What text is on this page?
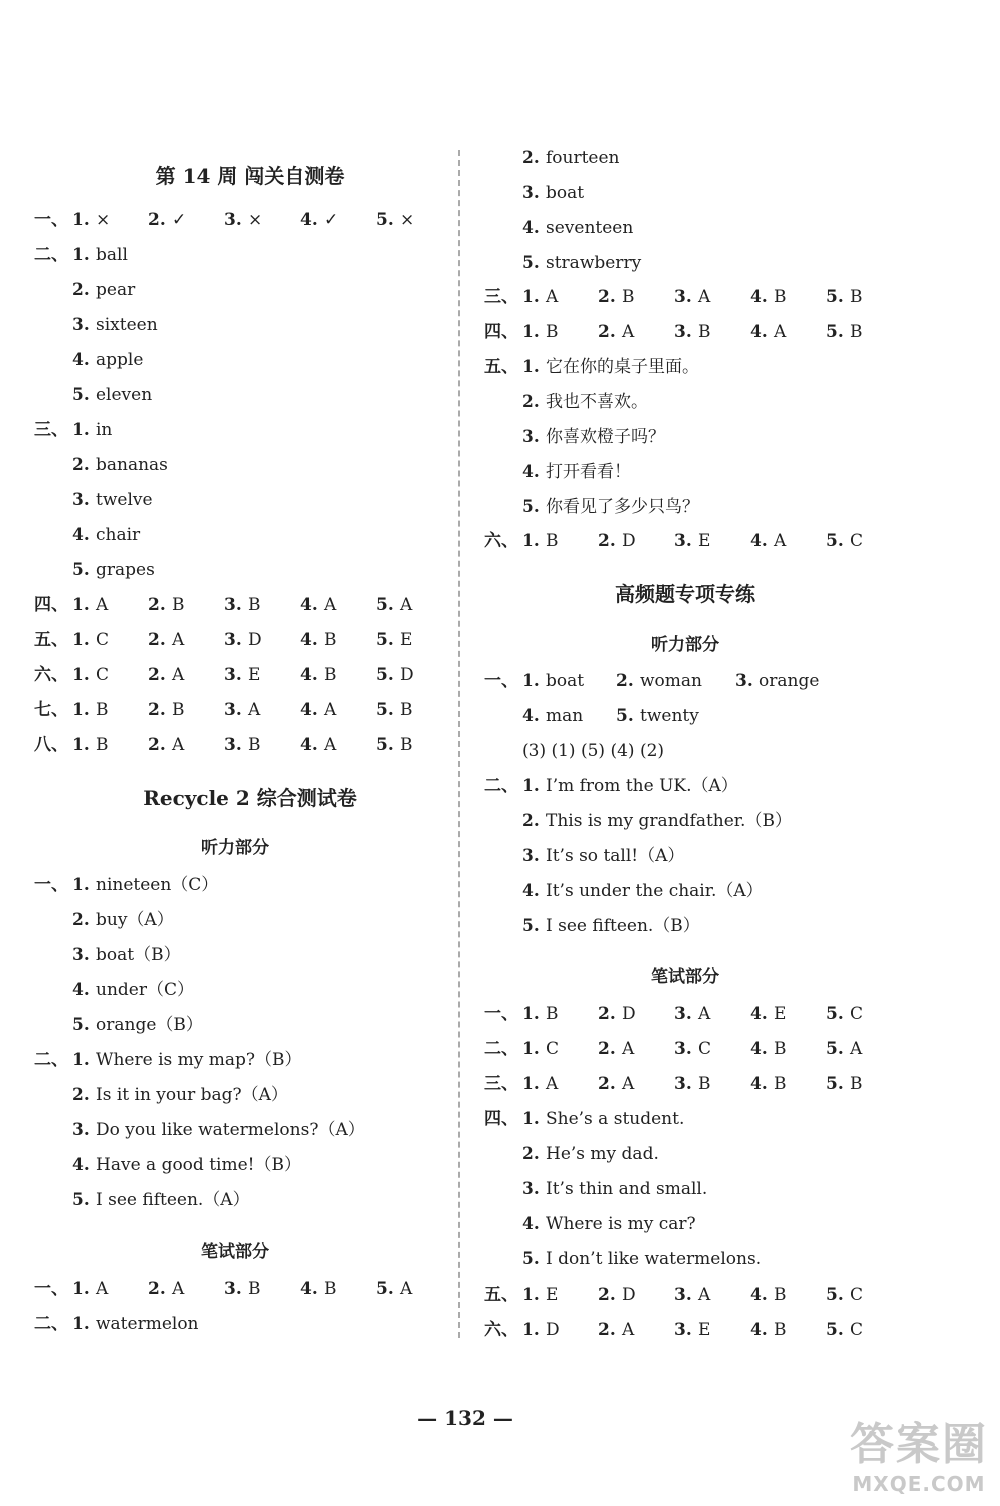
第 14 周 闯关自测卷
一、 1. × 2. ✓ 3. × 4. ✓ 5. ×
二、 1. ball
2. pear
3. sixteen
4. apple
5. eleven
三、 1. in
2. bananas
3. twelve
4. chair
5. grapes
四、 1. A 2. B 3. B 4. A 5. A
五、 1. C 2. A 3. D 4. B 5. E
六、 1. C 2. A 3. E 4. B 5. D
七、 1. B 2. B 3. A 4. A 5. B
八、 1. B 2. A 3. B 4. A 5. B
Recycle 2 综合测试卷
听力部分
一、 1. nineteen（C）
2. buy（A）
3. boat（B）
4. under（C）
5. orange（B）
二、 1. Where is my map?（B）
2. Is it in your bag?（A）
3. Do you like watermelons?（A）
4. Have a good time!（B）
5. I see fifteen.（A）
笔试部分
一、 1. A 2. A 3. B 4. B 5. A
二、 1. watermelon
2. fourteen
3. boat
4. seventeen
5. strawberry
三、 1. A 2. B 3. A 4. B 5. B
四、 1. B 2. A 3. B 4. A 5. B
五、 1. 它在你的桌子里面。
2. 我也不喜欢。
3. 你喜欢橙子吗？
4. 打开看看！
5. 你看见了多少只鸟？
六、 1. B 2. D 3. E 4. A 5. C
高频题专项专练
听力部分
一、 1. boat 2. woman 3. orange
4. man 5. twenty
(3) (1) (5) (4) (2)
二、 1. I’m from the UK.（A）
2. This is my grandfather.（B）
3. It’s so tall!（A）
4. It’s under the chair.（A）
5. I see fifteen.（B）
笔试部分
一、 1. B 2. D 3. A 4. E 5. C
二、 1. C 2. A 3. C 4. B 5. A
三、 1. A 2. A 3. B 4. B 5. B
四、 1. She’s a student.
2. He’s my dad.
3. It’s thin and small.
4. Where is my car?
5. I don’t like watermelons.
五、 1. E 2. D 3. A 4. B 5. C
六、 1. D 2. A 3. E 4. B 5. C
— 132 —
答案圈
MXQE.COM
